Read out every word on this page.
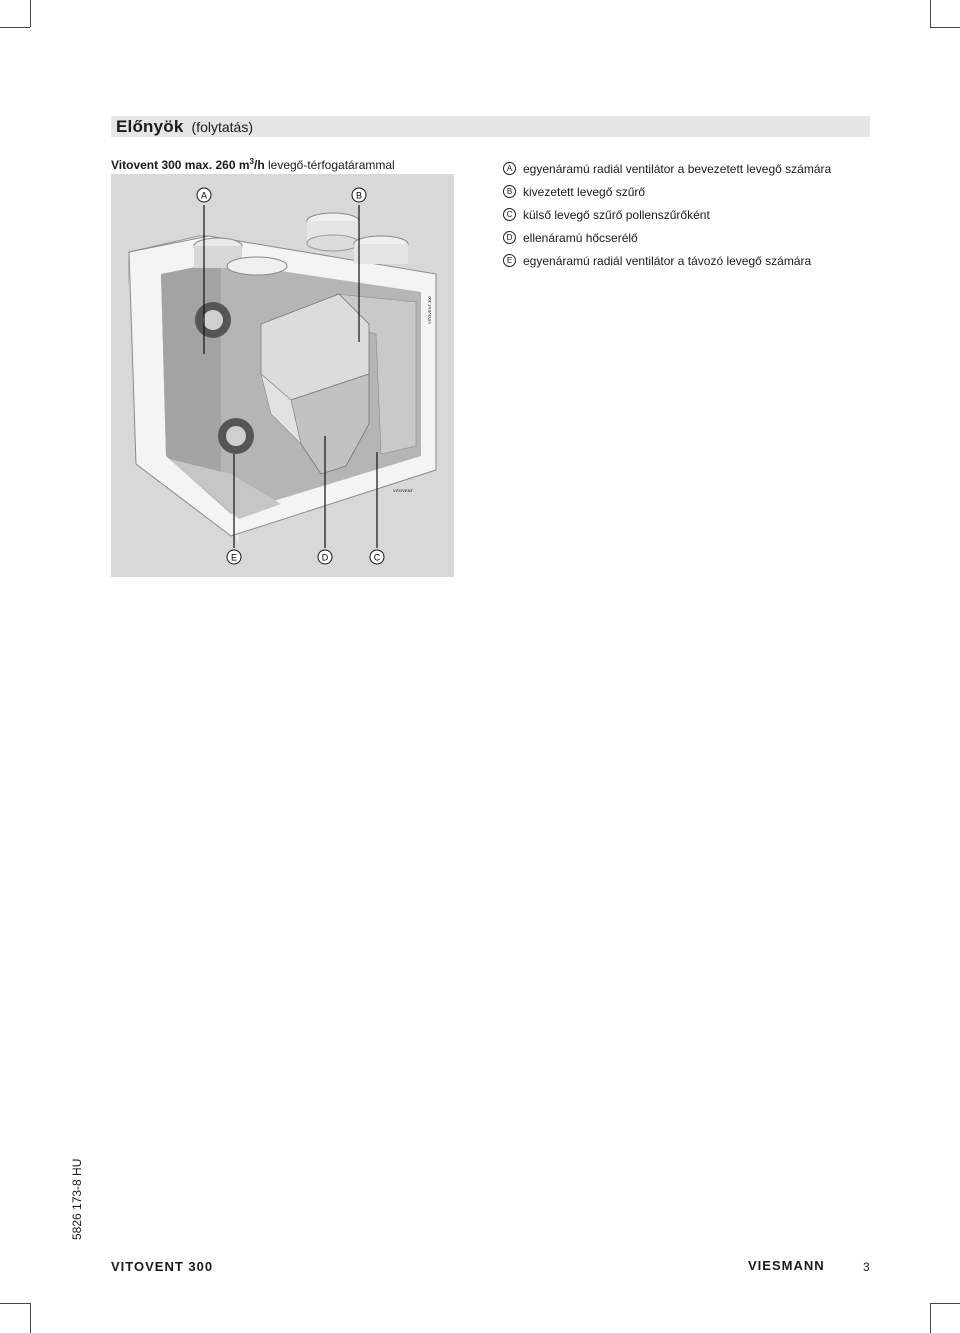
Előnyök (folytatás)
Vitovent 300 max. 260 $m^3/h$ levegő-térfogatárammal
A	B
E	D	C
VITOVENT 300
VITOVENT
A egyenáramú radiál ventilátor a bevezetett levegő számára
B kivezetett levegő szűrő
C külső levegő szűrő pollenszűrőként
D ellenáramú hőcserélő
E egyenáramú radiál ventilátor a távozó levegő számára
5826 173-8 HU
VITOVENT 300	VIESMANN	3
